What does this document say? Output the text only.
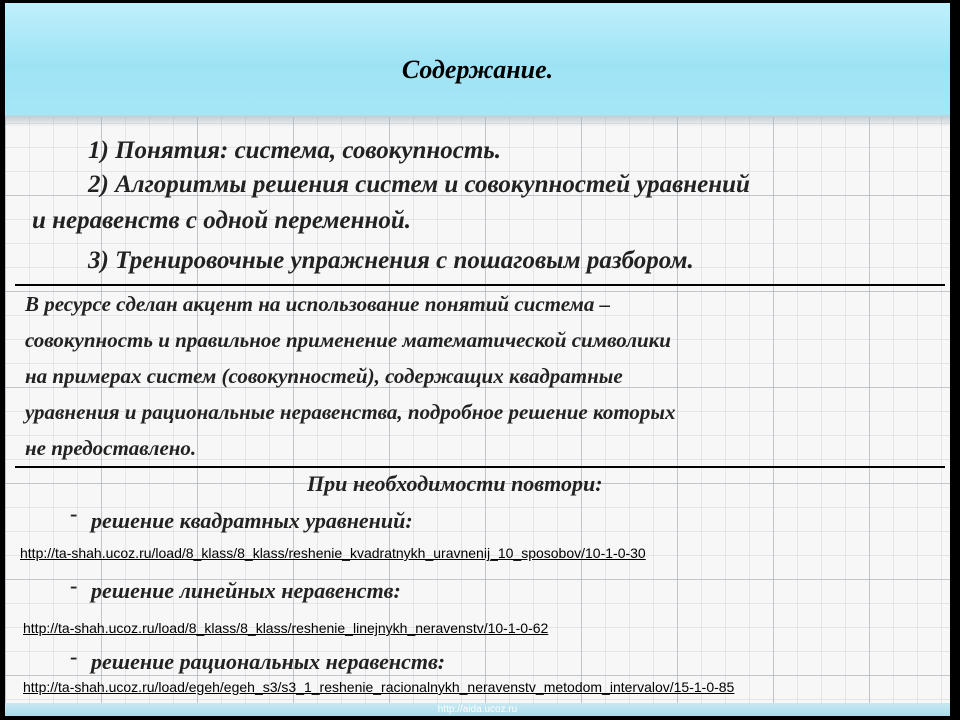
Содержание.

1) Понятия: система, совокупность.

2) Алгоритмы решения систем и совокупностей уравнений

и неравенств с одной переменной.

3) Тренировочные упражнения с пошаговым разбором.

В ресурсе сделан акцент на использование понятий система –

совокупность и правильное применение математической символики

на примерах систем (совокупностей), содержащих квадратные

уравнения и рациональные неравенства, подробное решение которых

не предоставлено.

При необходимости повтори:

- решение квадратных уравнений:

http://ta-shah.ucoz.ru/load/8_klass/8_klass/reshenie_kvadratnykh_uravnenij_10_sposobov/10-1-0-30
- решение линейных неравенств:

http://ta-shah.ucoz.ru/load/8_klass/8_klass/reshenie_linejnykh_neravenstv/10-1-0-62
- решение рациональных неравенств:

http://ta-shah.ucoz.ru/load/egeh/egeh_s3/s3_1_reshenie_racionalnykh_neravenstv_metodom_intervalov/15-1-0-85
http://aida.ucoz.ru
